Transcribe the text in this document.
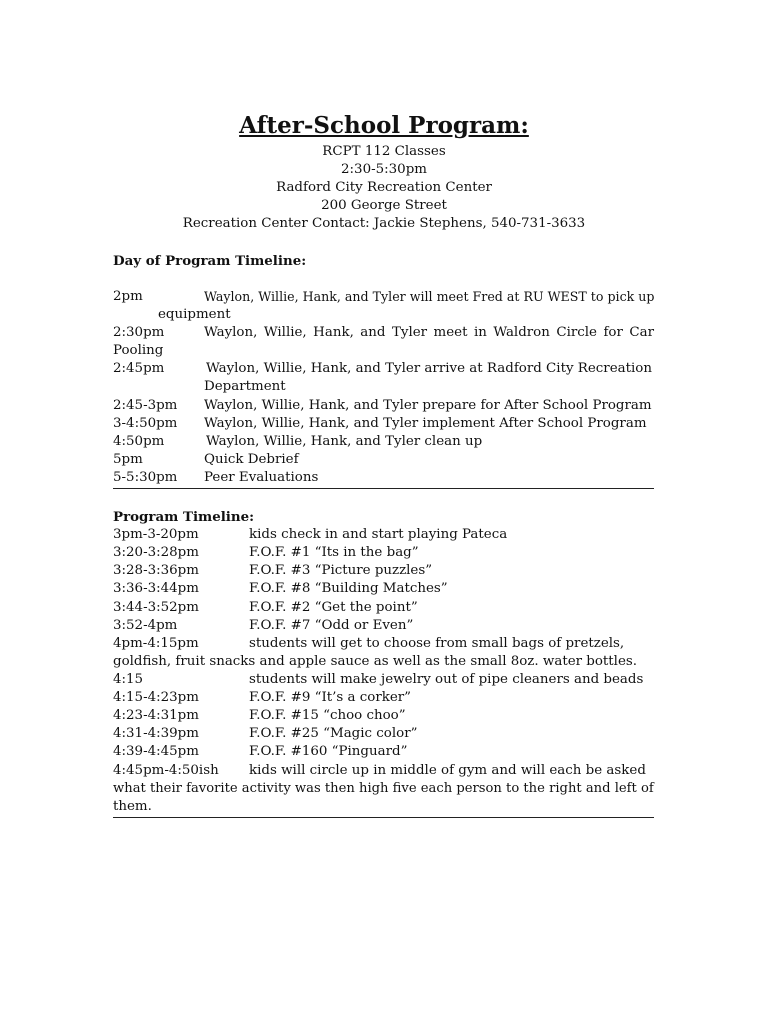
After-School Program:
RCPT 112 Classes
2:30-5:30pm
Radford City Recreation Center
200 George Street
Recreation Center Contact: Jackie Stephens, 540-731-3633
Day of Program Timeline:
2pm	Waylon, Willie, Hank, and Tyler will meet Fred at RU WEST to pick up
equipment
2:30pm	Waylon, Willie, Hank, and Tyler meet in Waldron Circle for Car
Pooling
2:45pm	Waylon, Willie, Hank, and Tyler arrive at Radford City Recreation
Department
2:45-3pm Waylon, Willie, Hank, and Tyler prepare for After School Program
3-4:50pm Waylon, Willie, Hank, and Tyler implement After School Program
4:50pm	Waylon, Willie, Hank, and Tyler clean up
5pm	Quick Debrief
5-5:30pm Peer Evaluations
Program Timeline:
3pm-3-20pm	kids check in and start playing Pateca
3:20-3:28pm	F.O.F. #1 “Its in the bag”
3:28-3:36pm	F.O.F. #3 “Picture puzzles”
3:36-3:44pm	F.O.F. #8 “Building Matches”
3:44-3:52pm	F.O.F. #2 “Get the point”
3:52-4pm	F.O.F. #7 “Odd or Even”
4pm-4:15pm	students will get to choose from small bags of pretzels,
goldfish, fruit snacks and apple sauce as well as the small 8oz. water bottles.
4:15	students will make jewelry out of pipe cleaners and beads
4:15-4:23pm	F.O.F. #9 “It’s a corker”
4:23-4:31pm	F.O.F. #15 “choo choo”
4:31-4:39pm	F.O.F. #25 “Magic color”
4:39-4:45pm	F.O.F. #160 “Pinguard”
4:45pm-4:50ish kids will circle up in middle of gym and will each be asked
what their favorite activity was then high five each person to the right and left of
them.
